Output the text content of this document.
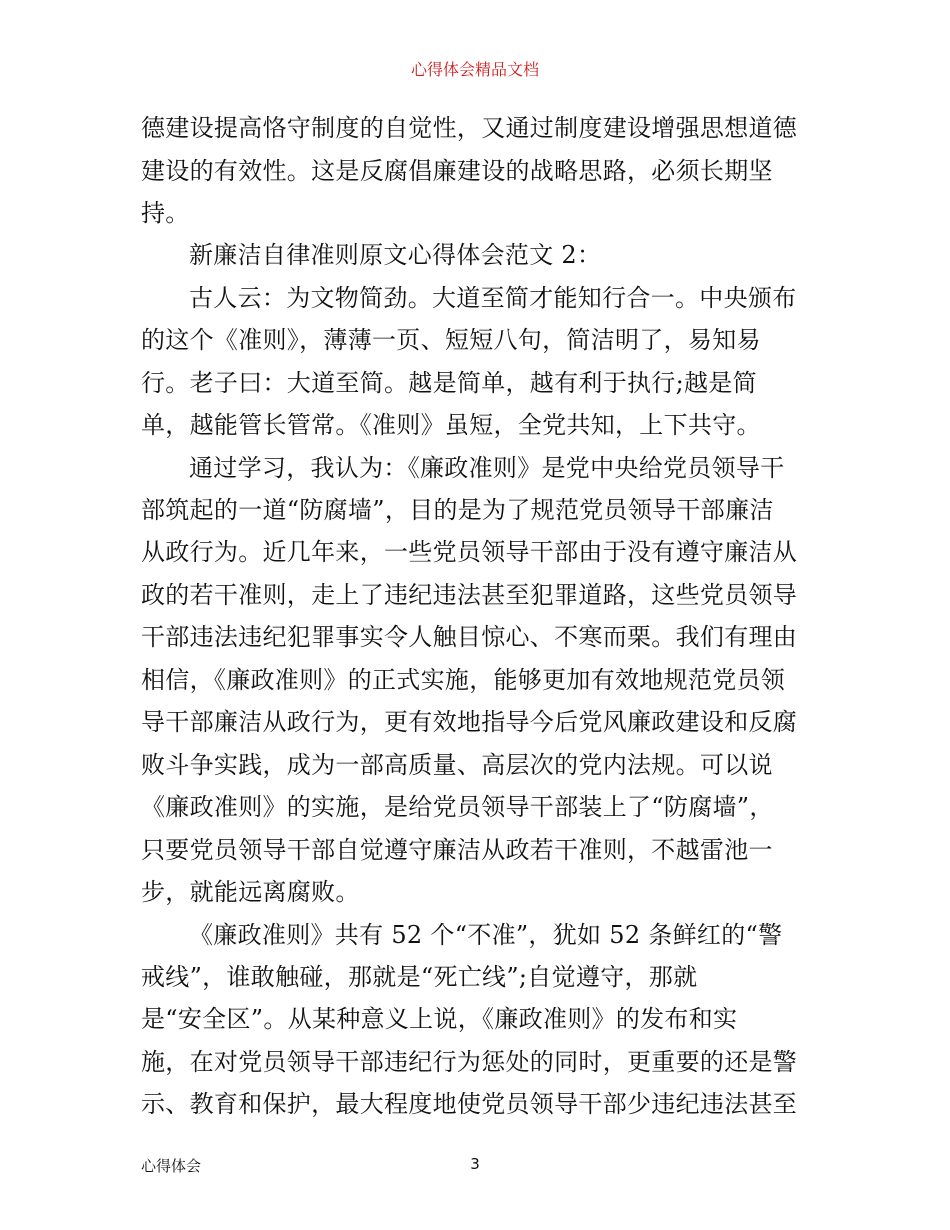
心得体会精品文档
德建设提高恪守制度的自觉性，又通过制度建设增强思想道德
建设的有效性。这是反腐倡廉建设的战略思路，必须长期坚
持。
新廉洁自律准则原文心得体会范文 2：
古人云：为文物简劲。大道至简才能知行合一。中央颁布
的这个《准则》，薄薄一页、短短八句，简洁明了，易知易
行。老子曰：大道至简。越是简单，越有利于执行;越是简
单，越能管长管常。《准则》虽短，全党共知，上下共守。
通过学习，我认为：《廉政准则》是党中央给党员领导干
部筑起的一道“防腐墙”，目的是为了规范党员领导干部廉洁
从政行为。近几年来，一些党员领导干部由于没有遵守廉洁从
政的若干准则，走上了违纪违法甚至犯罪道路，这些党员领导
干部违法违纪犯罪事实令人触目惊心、不寒而栗。我们有理由
相信，《廉政准则》的正式实施，能够更加有效地规范党员领
导干部廉洁从政行为，更有效地指导今后党风廉政建设和反腐
败斗争实践，成为一部高质量、高层次的党内法规。可以说
《廉政准则》的实施，是给党员领导干部装上了“防腐墙”，
只要党员领导干部自觉遵守廉洁从政若干准则，不越雷池一
步，就能远离腐败。
《廉政准则》共有 52 个“不准”，犹如 52 条鲜红的“警
戒线”，谁敢触碰，那就是“死亡线”;自觉遵守，那就
是“安全区”。从某种意义上说，《廉政准则》的发布和实
施，在对党员领导干部违纪行为惩处的同时，更重要的还是警
示、教育和保护，最大程度地使党员领导干部少违纪违法甚至
心得体会	3
